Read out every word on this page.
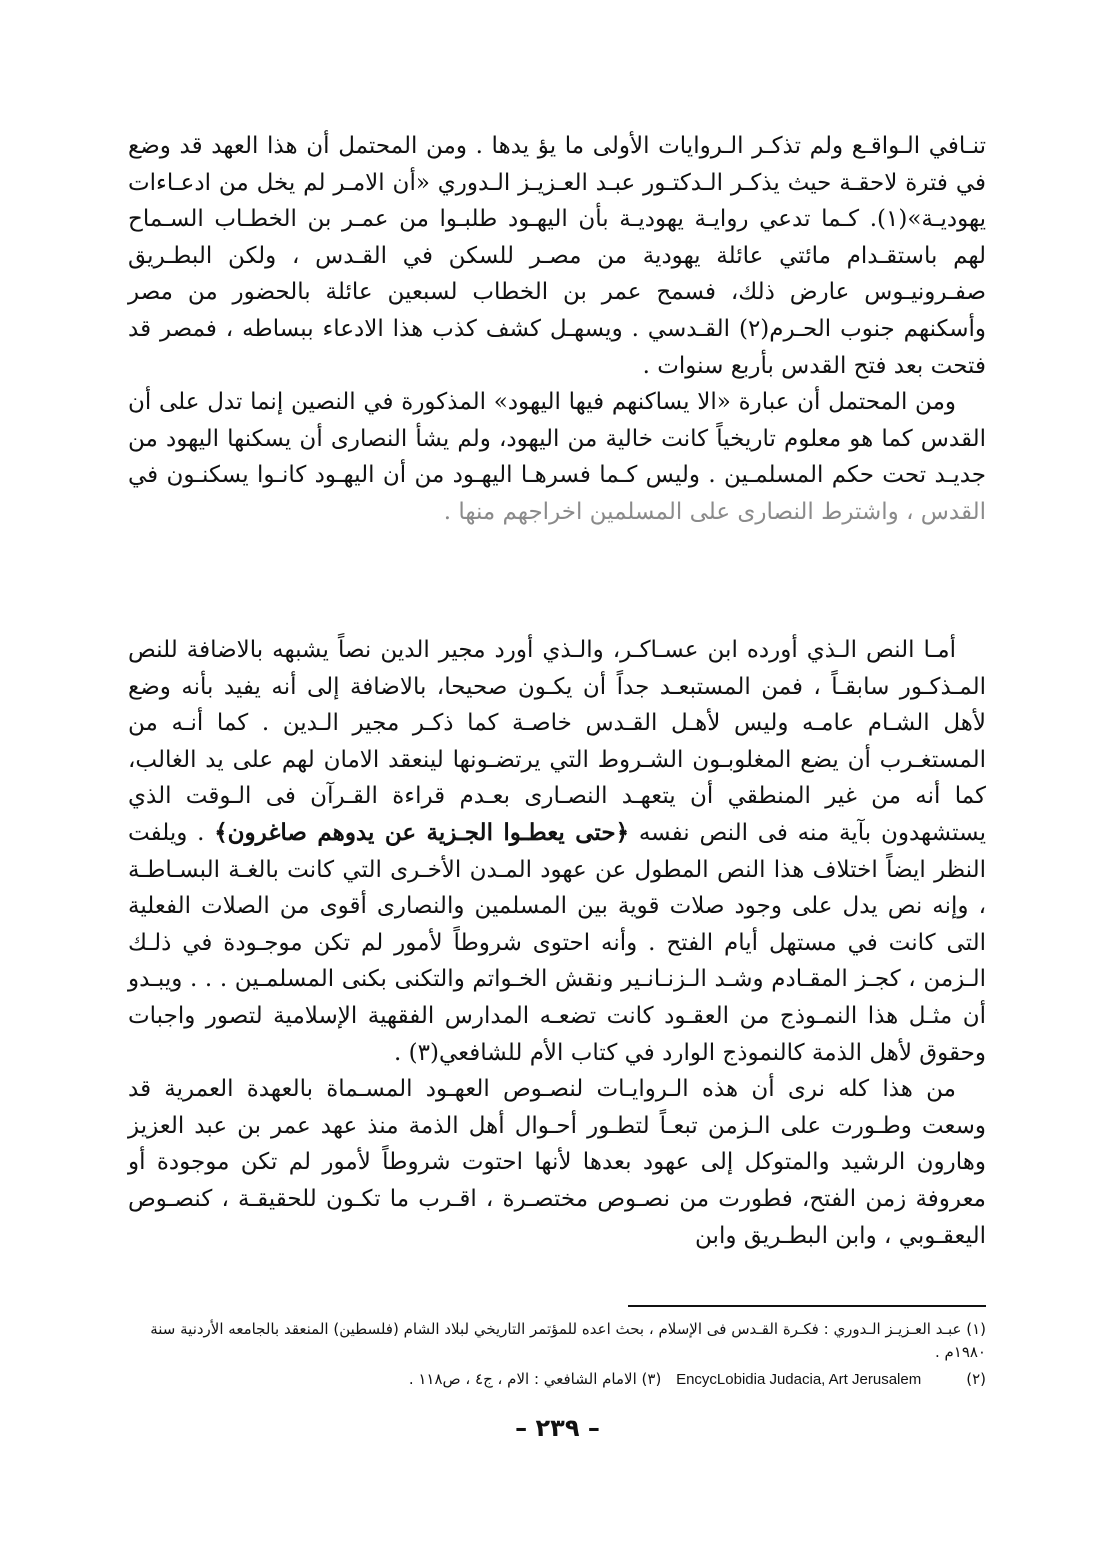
تنـافي الـواقـع ولم تذكـر الـروايات الأولى ما يؤ يدها . ومن المحتمل أن هذا العهد قد وضع في فترة لاحقـة حيث يذكـر الـدكتـور عبـد العـزيـز الـدوري «أن الامـر لم يخل من ادعـاءات يهوديـة»(١). كـما تدعي روايـة يهوديـة بأن اليهـود طلبـوا من عمـر بن الخطـاب السـماح لهم باستقـدام مائتي عائلة يهودية من مصـر للسكن في القـدس ، ولكن البطـريق صفـرونيـوس عارض ذلك، فسمح عمر بن الخطاب لسبعين عائلة بالحضور من مصر وأسكنهم جنوب الحـرم(٢) القـدسي . ويسهـل كشف كذب هذا الادعاء ببساطه ، فمصر قد فتحت بعد فتح القدس بأربع سنوات .

ومن المحتمل أن عبارة «الا يساكنهم فيها اليهود» المذكورة في النصين إنما تدل على أن القدس كما هو معلوم تاريخياً كانت خالية من اليهود، ولم يشأ النصارى أن يسكنها اليهود من جديـد تحت حكم المسلمـين . وليس كـما فسرهـا اليهـود من أن اليهـود كانـوا يسكنـون في القدس ، واشترط النصارى على المسلمين اخراجهم منها .

أمـا النص الـذي أورده ابن عسـاكـر، والـذي أورد مجير الدين نصاً يشبهه بالاضافة للنص المـذكـور سابقـاً ، فمن المستبعـد جداً أن يكـون صحيحا، بالاضافة إلى أنه يفيد بأنه وضع لأهل الشـام عامـه وليس لأهـل القـدس خاصـة كما ذكـر مجير الـدين . كما أنـه من المستغـرب أن يضع المغلوبـون الشـروط التي يرتضـونها لينعقد الامان لهم على يد الغالب، كما أنه من غير المنطقي أن يتعهـد النصـارى بعـدم قراءة القـرآن فى الـوقت الذي يستشهدون بآية منه فى النص نفسه ﴿حتى يعطـوا الجـزية عن يدوهم صاغرون﴾ . ويلفت النظر ايضاً اختلاف هذا النص المطول عن عهود المـدن الأخـرى التي كانت بالغـة البسـاطـة ، وإنه نص يدل على وجود صلات قوية بين المسلمين والنصارى أقوى من الصلات الفعلية التى كانت في مستهل أيام الفتح . وأنه احتوى شروطاً لأمور لم تكن موجـودة في ذلـك الـزمن ، كجـز المقـادم وشـد الـزنـانـير ونقش الخـواتم والتكنى بكنى المسلمـين . . . ويبـدو أن مثـل هذا النمـوذج من العقـود كانت تضعـه المدارس الفقهية الإسلامية لتصور واجبات وحقوق لأهل الذمة كالنموذج الوارد في كتاب الأم للشافعي(٣) .

من هذا كله نرى أن هذه الـروايـات لنصـوص العهـود المسـماة بالعهدة العمرية قد وسعت وطـورت على الـزمن تبعـاً لتطـور أحـوال أهل الذمة منذ عهد عمر بن عبد العزيز وهارون الرشيد والمتوكل إلى عهود بعدها لأنها احتوت شروطاً لأمور لم تكن موجودة أو معروفة زمن الفتح، فطورت من نصـوص مختصـرة ، اقـرب ما تكـون للحقيقـة ، كنصـوص اليعقـوبي ، وابن البطـريق وابن

(١) عبـد العـزيـز الـدوري : فكـرة القـدس فى الإسلام ، بحث اعده للمؤتمر التاريخي لبلاد الشام (فلسطين) المنعقد بالجامعه الأردنية سنة ١٩٨٠م .

(٢) EncycLobidia Judacia, Art Jerusalem (٣) الامام الشافعي : الام ، ج٤ ، ص١١٨ .

– ٢٣٩ –
